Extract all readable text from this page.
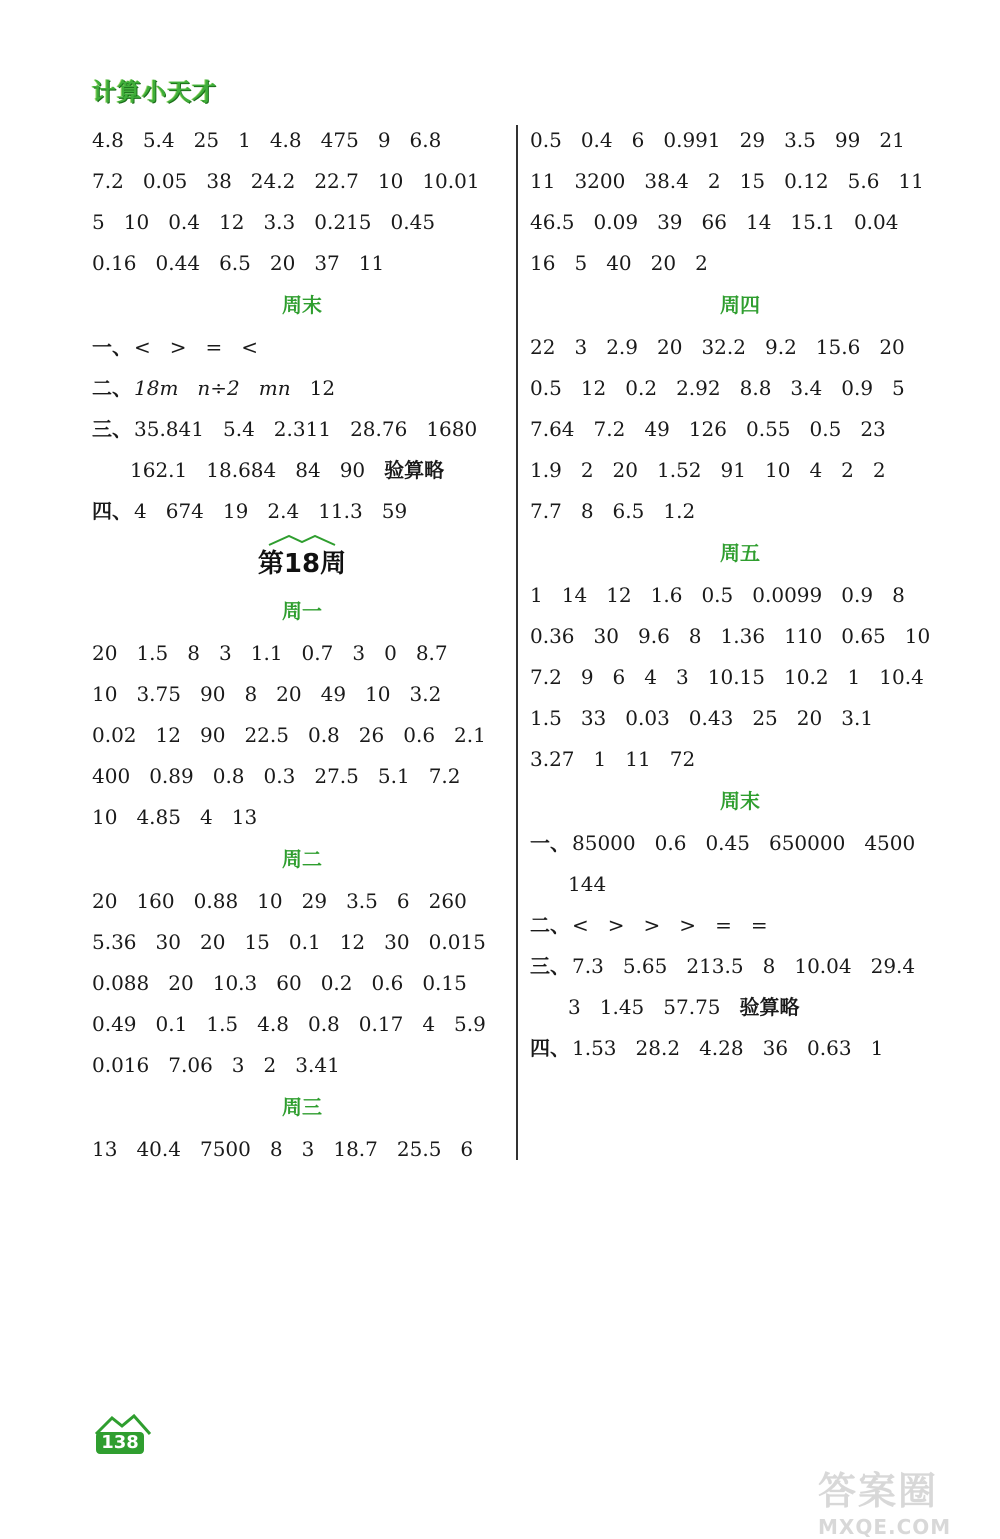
计算小天才
4.8 5.4 25 1 4.8 475 9 6.8
7.2 0.05 38 24.2 22.7 10 10.01
5 10 0.4 12 3.3 0.215 0.45
0.16 0.44 6.5 20 37 11
周末
一、 < > = <
二、 18m n÷2 mn 12
三、 35.841 5.4 2.311 28.76 1680
162.1 18.684 84 90 验算略
四、 4 674 19 2.4 11.3 59
第18周
周一
20 1.5 8 3 1.1 0.7 3 0 8.7
10 3.75 90 8 20 49 10 3.2
0.02 12 90 22.5 0.8 26 0.6 2.1
400 0.89 0.8 0.3 27.5 5.1 7.2
10 4.85 4 13
周二
20 160 0.88 10 29 3.5 6 260
5.36 30 20 15 0.1 12 30 0.015
0.088 20 10.3 60 0.2 0.6 0.15
0.49 0.1 1.5 4.8 0.8 0.17 4 5.9
0.016 7.06 3 2 3.41
周三
13 40.4 7500 8 3 18.7 25.5 6
0.5 0.4 6 0.991 29 3.5 99 21
11 3200 38.4 2 15 0.12 5.6 11
46.5 0.09 39 66 14 15.1 0.04
16 5 40 20 2
周四
22 3 2.9 20 32.2 9.2 15.6 20
0.5 12 0.2 2.92 8.8 3.4 0.9 5
7.64 7.2 49 126 0.55 0.5 23
1.9 2 20 1.52 91 10 4 2 2
7.7 8 6.5 1.2
周五
1 14 12 1.6 0.5 0.0099 0.9 8
0.36 30 9.6 8 1.36 110 0.65 10
7.2 9 6 4 3 10.15 10.2 1 10.4
1.5 33 0.03 0.43 25 20 3.1
3.27 1 11 72
周末
一、 85000 0.6 0.45 650000 4500
144
二、 < > > > = =
三、 7.3 5.65 213.5 8 10.04 29.4
3 1.45 57.75 验算略
四、 1.53 28.2 4.28 36 0.63 1
138
答案圈
MXQE.COM
